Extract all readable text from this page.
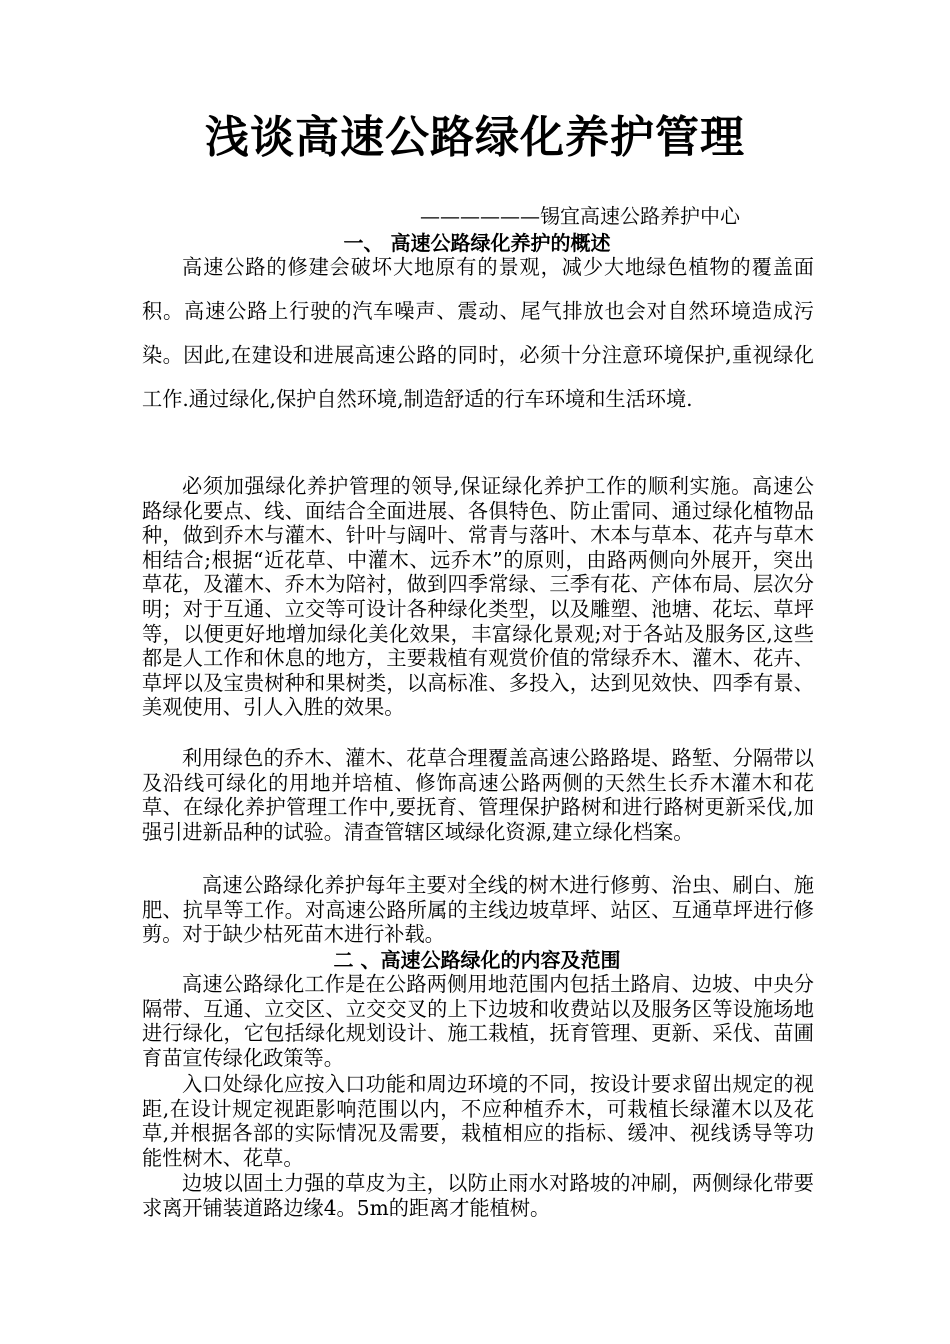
浅谈高速公路绿化养护管理
——————锡宜高速公路养护中心
一、 高速公路绿化养护的概述

高速公路的修建会破坏大地原有的景观，减少大地绿色植物的覆盖面积。高速公路上行驶的汽车噪声、震动、尾气排放也会对自然环境造成污染。因此,在建设和进展高速公路的同时，必须十分注意环境保护,重视绿化工作.通过绿化,保护自然环境,制造舒适的行车环境和生活环境.

必须加强绿化养护管理的领导,保证绿化养护工作的顺利实施。高速公路绿化要点、线、面结合全面进展、各俱特色、防止雷同、通过绿化植物品种，做到乔木与灌木、针叶与阔叶、常青与落叶、木本与草本、花卉与草木相结合;根据“近花草、中灌木、远乔木”的原则，由路两侧向外展开，突出草花，及灌木、乔木为陪衬，做到四季常绿、三季有花、产体布局、层次分明；对于互通、立交等可设计各种绿化类型，以及雕塑、池塘、花坛、草坪等，以便更好地增加绿化美化效果，丰富绿化景观;对于各站及服务区,这些都是人工作和休息的地方，主要栽植有观赏价值的常绿乔木、灌木、花卉、草坪以及宝贵树种和果树类，以高标准、多投入，达到见效快、四季有景、美观使用、引人入胜的效果。

利用绿色的乔木、灌木、花草合理覆盖高速公路路堤、路堑、分隔带以及沿线可绿化的用地并培植、修饰高速公路两侧的天然生长乔木灌木和花草、在绿化养护管理工作中,要抚育、管理保护路树和进行路树更新采伐,加强引进新品种的试验。清查管辖区域绿化资源,建立绿化档案。

高速公路绿化养护每年主要对全线的树木进行修剪、治虫、刷白、施肥、抗旱等工作。对高速公路所属的主线边坡草坪、站区、互通草坪进行修剪。对于缺少枯死苗木进行补载。

二 、高速公路绿化的内容及范围

高速公路绿化工作是在公路两侧用地范围内包括土路肩、边坡、中央分隔带、互通、立交区、立交交叉的上下边坡和收费站以及服务区等设施场地进行绿化，它包括绿化规划设计、施工栽植，抚育管理、更新、采伐、苗圃育苗宣传绿化政策等。

入口处绿化应按入口功能和周边环境的不同，按设计要求留出规定的视距,在设计规定视距影响范围以内，不应种植乔木，可栽植长绿灌木以及花草,并根据各部的实际情况及需要，栽植相应的指标、缓冲、视线诱导等功能性树木、花草。

边坡以固土力强的草皮为主，以防止雨水对路坡的冲刷，两侧绿化带要求离开铺装道路边缘4。5m的距离才能植树。
